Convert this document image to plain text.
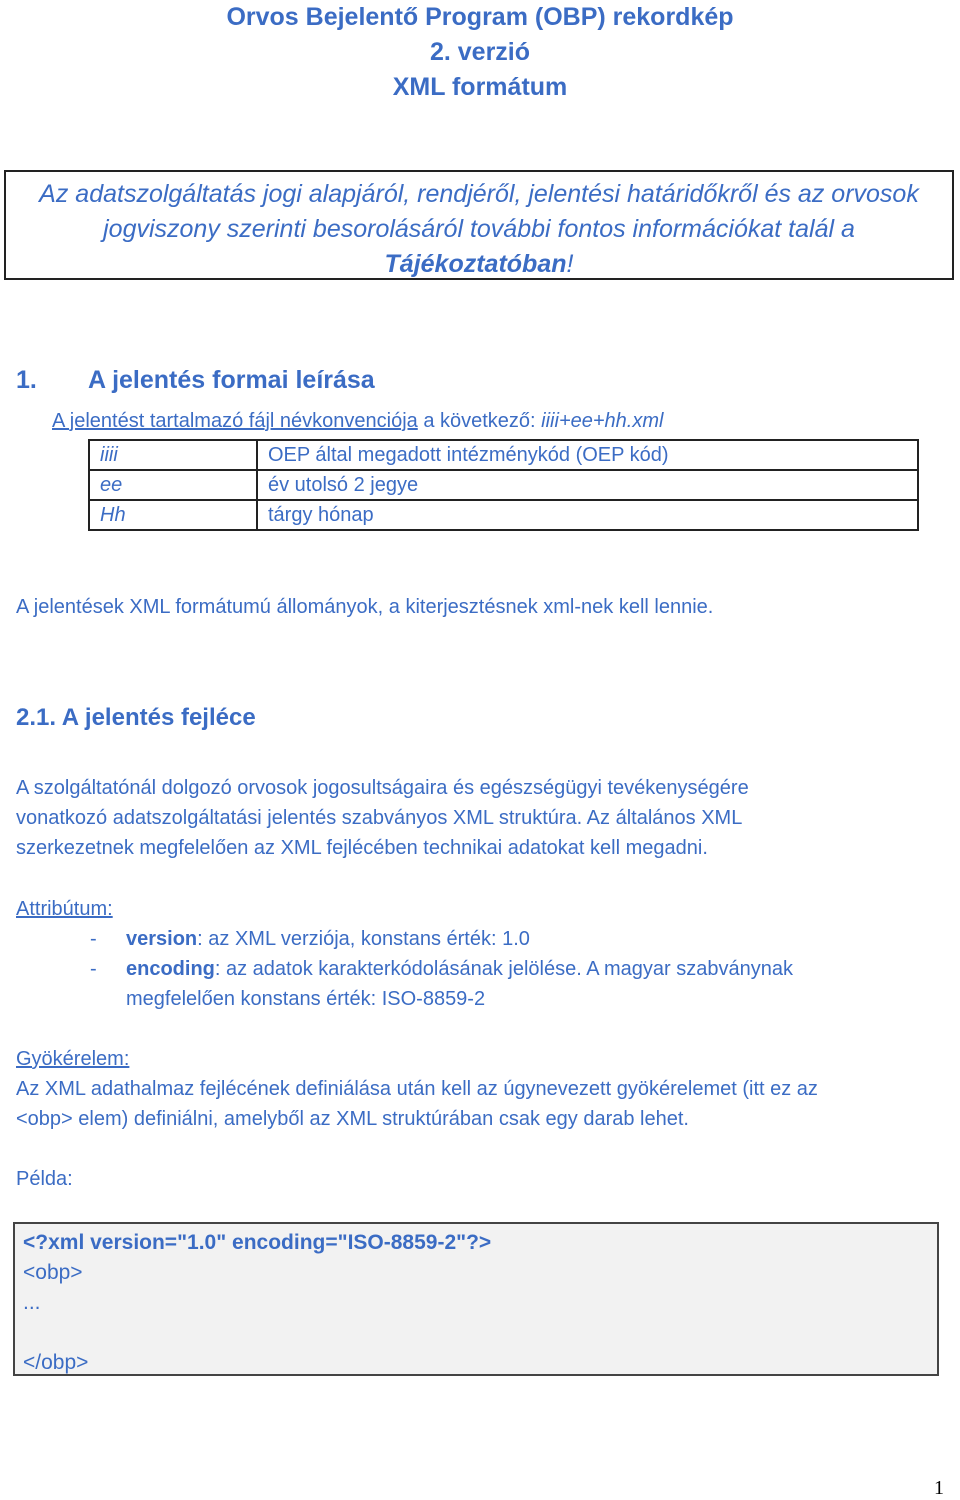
Orvos Bejelentő Program (OBP) rekordkép
2. verzió
XML formátum
Az adatszolgáltatás jogi alapjáról, rendjéről, jelentési határidőkről és az orvosok
jogviszony szerinti besorolásáról további fontos információkat talál a
Tájékoztatóban!
1. A jelentés formai leírása
A jelentést tartalmazó fájl névkonvenciója a következő: iiii+ee+hh.xml
iiii	OEP által megadott intézménykód (OEP kód)
ee	év utolsó 2 jegye
Hh	tárgy hónap
A jelentések XML formátumú állományok, a kiterjesztésnek xml-nek kell lennie.
2.1. A jelentés fejléce
A szolgáltatónál dolgozó orvosok jogosultságaira és egészségügyi tevékenységére
vonatkozó adatszolgáltatási jelentés szabványos XML struktúra. Az általános XML
szerkezetnek megfelelően az XML fejlécében technikai adatokat kell megadni.
Attribútum:
-	version: az XML verziója, konstans érték: 1.0
-	encoding: az adatok karakterkódolásának jelölése. A magyar szabványnak
megfelelően konstans érték: ISO-8859-2
Gyökérelem:
Az XML adathalmaz fejlécének definiálása után kell az úgynevezett gyökérelemet (itt ez az
<obp> elem) definiálni, amelyből az XML struktúrában csak egy darab lehet.
Példa:
<?xml version="1.0" encoding="ISO-8859-2"?>
<obp>
...
</obp>
1
